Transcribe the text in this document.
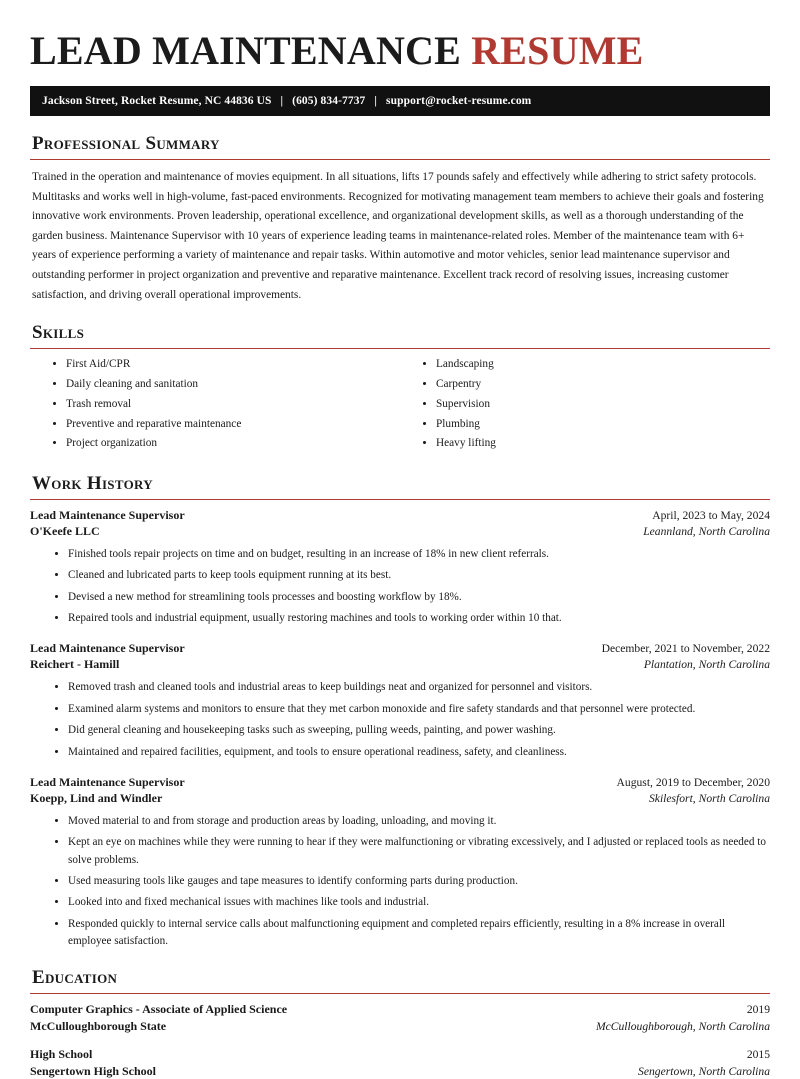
LEAD MAINTENANCE RESUME
Jackson Street, Rocket Resume, NC 44836 US | (605) 834-7737 | support@rocket-resume.com
Professional Summary
Trained in the operation and maintenance of movies equipment. In all situations, lifts 17 pounds safely and effectively while adhering to strict safety protocols. Multitasks and works well in high-volume, fast-paced environments. Recognized for motivating management team members to achieve their goals and fostering innovative work environments. Proven leadership, operational excellence, and organizational development skills, as well as a thorough understanding of the garden business. Maintenance Supervisor with 10 years of experience leading teams in maintenance-related roles. Member of the maintenance team with 6+ years of experience performing a variety of maintenance and repair tasks. Within automotive and motor vehicles, senior lead maintenance supervisor and outstanding performer in project organization and preventive and reparative maintenance. Excellent track record of resolving issues, increasing customer satisfaction, and driving overall operational improvements.
Skills
• First Aid/CPR
• Daily cleaning and sanitation
• Trash removal
• Preventive and reparative maintenance
• Project organization
• Landscaping
• Carpentry
• Supervision
• Plumbing
• Heavy lifting
Work History
Lead Maintenance Supervisor	April, 2023 to May, 2024
O'Keefe LLC	Leannland, North Carolina
• Finished tools repair projects on time and on budget, resulting in an increase of 18% in new client referrals.
• Cleaned and lubricated parts to keep tools equipment running at its best.
• Devised a new method for streamlining tools processes and boosting workflow by 18%.
• Repaired tools and industrial equipment, usually restoring machines and tools to working order within 10 that.
Lead Maintenance Supervisor	December, 2021 to November, 2022
Reichert - Hamill	Plantation, North Carolina
• Removed trash and cleaned tools and industrial areas to keep buildings neat and organized for personnel and visitors.
• Examined alarm systems and monitors to ensure that they met carbon monoxide and fire safety standards and that personnel were protected.
• Did general cleaning and housekeeping tasks such as sweeping, pulling weeds, painting, and power washing.
• Maintained and repaired facilities, equipment, and tools to ensure operational readiness, safety, and cleanliness.
Lead Maintenance Supervisor	August, 2019 to December, 2020
Koepp, Lind and Windler	Skilesfort, North Carolina
• Moved material to and from storage and production areas by loading, unloading, and moving it.
• Kept an eye on machines while they were running to hear if they were malfunctioning or vibrating excessively, and I adjusted or replaced tools as needed to solve problems.
• Used measuring tools like gauges and tape measures to identify conforming parts during production.
• Looked into and fixed mechanical issues with machines like tools and industrial.
• Responded quickly to internal service calls about malfunctioning equipment and completed repairs efficiently, resulting in a 8% increase in overall employee satisfaction.
Education
Computer Graphics - Associate of Applied Science	2019
McCulloughborough State	McCulloughborough, North Carolina
High School	2015
Sengertown High School	Sengertown, North Carolina
